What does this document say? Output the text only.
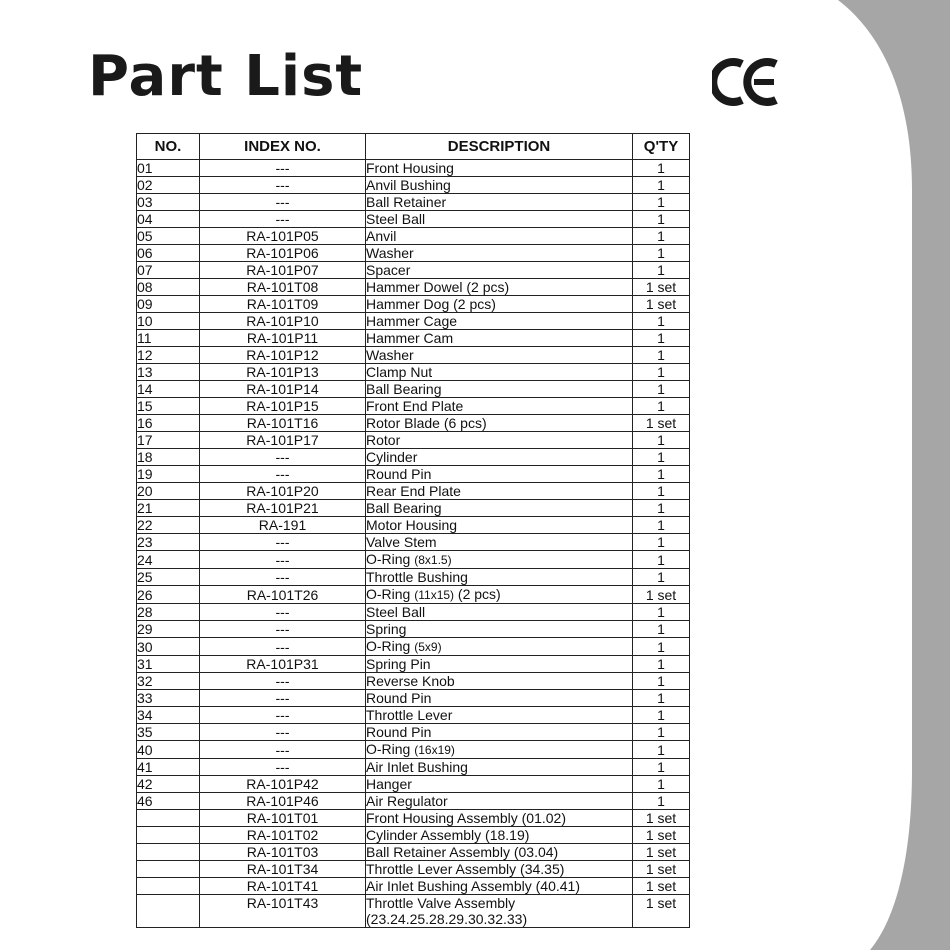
Part List
NO.	INDEX NO.	DESCRIPTION	Q'TY
01	---	Front Housing	1
02	---	Anvil Bushing	1
03	---	Ball Retainer	1
04	---	Steel Ball	1
05	RA-101P05	Anvil	1
06	RA-101P06	Washer	1
07	RA-101P07	Spacer	1
08	RA-101T08	Hammer Dowel (2 pcs)	1 set
09	RA-101T09	Hammer Dog (2 pcs)	1 set
10	RA-101P10	Hammer Cage	1
11	RA-101P11	Hammer Cam	1
12	RA-101P12	Washer	1
13	RA-101P13	Clamp Nut	1
14	RA-101P14	Ball Bearing	1
15	RA-101P15	Front End Plate	1
16	RA-101T16	Rotor Blade (6 pcs)	1 set
17	RA-101P17	Rotor	1
18	---	Cylinder	1
19	---	Round Pin	1
20	RA-101P20	Rear End Plate	1
21	RA-101P21	Ball Bearing	1
22	RA-191	Motor Housing	1
23	---	Valve Stem	1
24	---	O-Ring (8x1.5)	1
25	---	Throttle Bushing	1
26	RA-101T26	O-Ring (11x15) (2 pcs)	1 set
28	---	Steel Ball	1
29	---	Spring	1
30	---	O-Ring (5x9)	1
31	RA-101P31	Spring Pin	1
32	---	Reverse Knob	1
33	---	Round Pin	1
34	---	Throttle Lever	1
35	---	Round Pin	1
40	---	O-Ring (16x19)	1
41	---	Air Inlet Bushing	1
42	RA-101P42	Hanger	1
46	RA-101P46	Air Regulator	1
	RA-101T01	Front Housing Assembly (01.02)	1 set
	RA-101T02	Cylinder Assembly (18.19)	1 set
	RA-101T03	Ball Retainer Assembly (03.04)	1 set
	RA-101T34	Throttle Lever Assembly (34.35)	1 set
	RA-101T41	Air Inlet Bushing Assembly (40.41)	1 set
	RA-101T43	Throttle Valve Assembly	1 set
		(23.24.25.28.29.30.32.33)	
